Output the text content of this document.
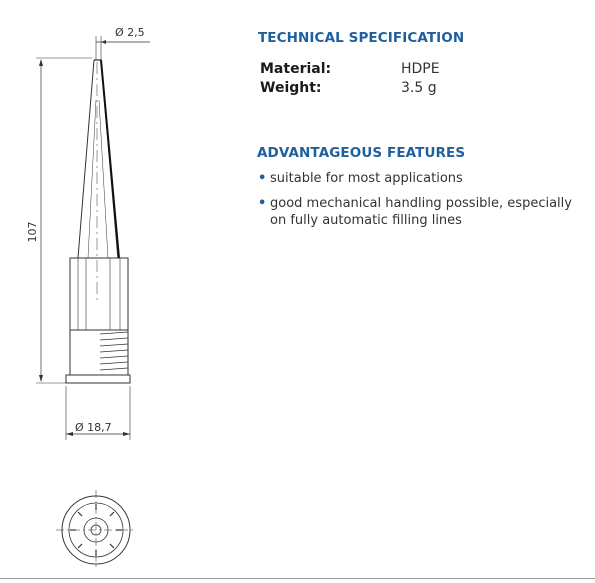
Ø 2,5
107
Ø 18,7
TECHNICAL SPECIFICATION
Material:	HDPE
Weight:	3.5 g
ADVANTAGEOUS FEATURES
• suitable for most applications
• good mechanical handling possible, especially on fully automatic filling lines
